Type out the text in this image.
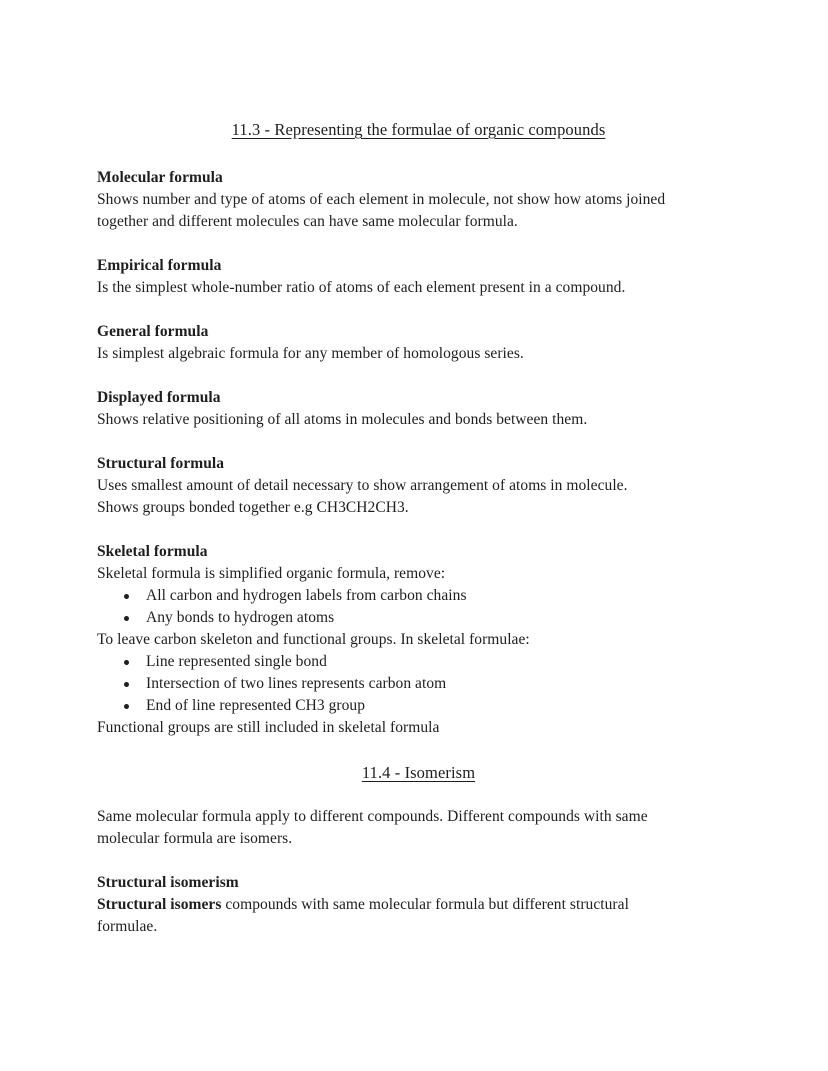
11.3 - Representing the formulae of organic compounds
Molecular formula
Shows number and type of atoms of each element in molecule, not show how atoms joined
together and different molecules can have same molecular formula.
Empirical formula
Is the simplest whole-number ratio of atoms of each element present in a compound.
General formula
Is simplest algebraic formula for any member of homologous series.
Displayed formula
Shows relative positioning of all atoms in molecules and bonds between them.
Structural formula
Uses smallest amount of detail necessary to show arrangement of atoms in molecule.
Shows groups bonded together e.g CH3CH2CH3.
Skeletal formula
Skeletal formula is simplified organic formula, remove:
All carbon and hydrogen labels from carbon chains
Any bonds to hydrogen atoms
To leave carbon skeleton and functional groups. In skeletal formulae:
Line represented single bond
Intersection of two lines represents carbon atom
End of line represented CH3 group
Functional groups are still included in skeletal formula
11.4 - Isomerism
Same molecular formula apply to different compounds. Different compounds with same
molecular formula are isomers.
Structural isomerism
Structural isomers compounds with same molecular formula but different structural
formulae.
